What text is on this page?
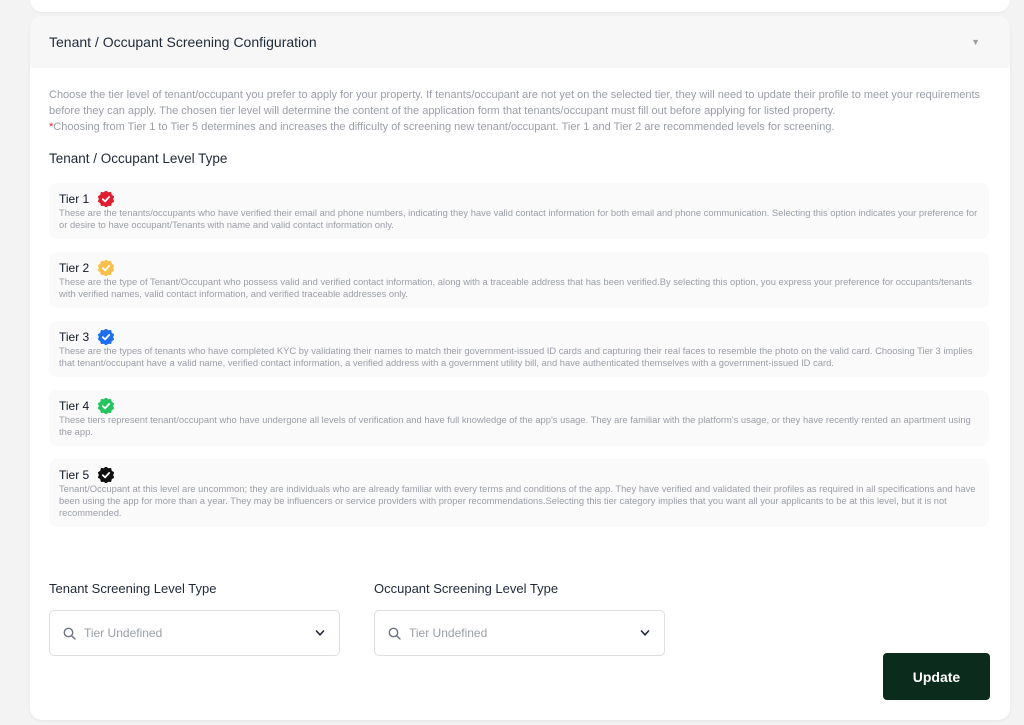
Tenant / Occupant Screening Configuration	▼
Choose the tier level of tenant/occupant you prefer to apply for your property. If tenants/occupant are not yet on the selected tier, they will need to update their profile to meet your requirements before they can apply. The chosen tier level will determine the content of the application form that tenants/occupant must fill out before applying for listed property.
*Choosing from Tier 1 to Tier 5 determines and increases the difficulty of screening new tenant/occupant. Tier 1 and Tier 2 are recommended levels for screening.
Tenant / Occupant Level Type
Tier 1
These are the tenants/occupants who have verified their email and phone numbers, indicating they have valid contact information for both email and phone communication. Selecting this option indicates your preference for or desire to have occupant/Tenants with name and valid contact information only.
Tier 2
These are the type of Tenant/Occupant who possess valid and verified contact information, along with a traceable address that has been verified.By selecting this option, you express your preference for occupants/tenants with verified names, valid contact information, and verified traceable addresses only.
Tier 3
These are the types of tenants who have completed KYC by validating their names to match their government-issued ID cards and capturing their real faces to resemble the photo on the valid card. Choosing Tier 3 implies that tenant/occupant have a valid name, verified contact information, a verified address with a government utility bill, and have authenticated themselves with a government-issued ID card.
Tier 4
These tiers represent tenant/occupant who have undergone all levels of verification and have full knowledge of the app's usage. They are familiar with the platform's usage, or they have recently rented an apartment using the app.
Tier 5
Tenant/Occupant at this level are uncommon; they are individuals who are already familiar with every terms and conditions of the app. They have verified and validated their profiles as required in all specifications and have been using the app for more than a year. They may be influencers or service providers with proper recommendations.Selecting this tier category implies that you want all your applicants to be at this level, but it is not recommended.
Tenant Screening Level Type
Tier Undefined
Occupant Screening Level Type
Tier Undefined
Update
